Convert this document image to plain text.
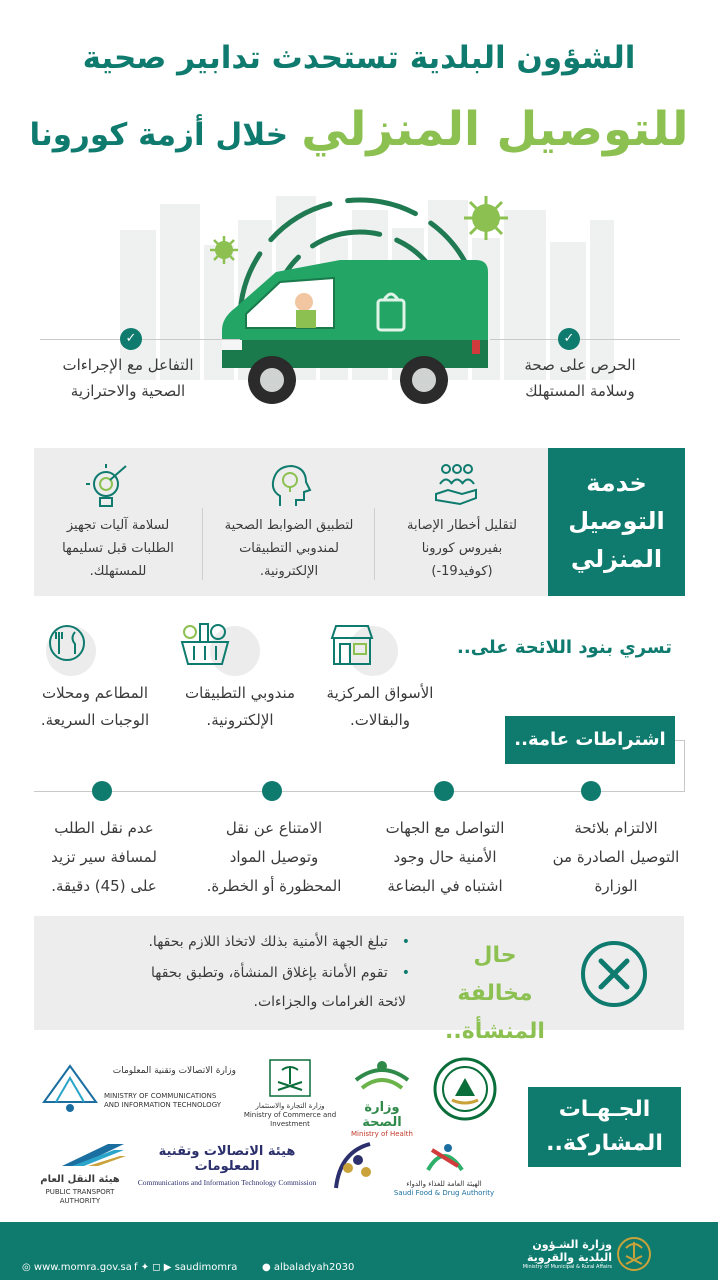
الشؤون البلدية تستحدث تدابير صحية
للتوصيل المنزلي خلال أزمة كورونا
✓	✓
التفاعل مع الإجراءات
الصحية والاحترازية
الحرص على صحة
وسلامة المستهلك
خدمة
التوصيل
المنزلي
لتقليل أخطار الإصابة
بفيروس كورونا
(كوفيد19-)
لتطبيق الضوابط الصحية
لمندوبي التطبيقات
الإلكترونية.
لسلامة آليات تجهيز
الطلبات قبل تسليمها
للمستهلك.
تسري بنود اللائحة على..
الأسواق المركزية
والبقالات.
مندوبي التطبيقات
الإلكترونية.
المطاعم ومحلات
الوجبات السريعة.
اشتراطات عامة..
الالتزام بلائحة
التوصيل الصادرة من
الوزارة
التواصل مع الجهات
الأمنية حال وجود
اشتباه في البضاعة
الامتناع عن نقل
وتوصيل المواد
المحظورة أو الخطرة.
عدم نقل الطلب
لمسافة سير تزيد
على (45) دقيقة.
حال مخالفة
المنشأة..
•تبلغ الجهة الأمنية بذلك لاتخاذ اللازم بحقها.
•تقوم الأمانة بإغلاق المنشأة، وتطبق بحقها
لائحة الغرامات والجزاءات.
الجـهـات
المشاركة..
وزارة الصحة
Ministry of Health
وزارة التجارة والاستثمار
Ministry of Commerce and Investment
وزارة الاتصالات وتقنية المعلومات
MINISTRY OF COMMUNICATIONS
AND INFORMATION TECHNOLOGY
الهيئة العامة للغذاء والدواء
Saudi Food & Drug Authority
هيئة الاتصالات وتقنية المعلومات
Communications and Information Technology Commission
هيئة النقل العام
PUBLIC TRANSPORT AUTHORITY
◎ www.momra.gov.sa f ✦ ◻ ▶ saudimomra ● albaladyah2030
وزارة الشـؤون
البلدية والقروية
Ministry of Municipal & Rural Affairs
